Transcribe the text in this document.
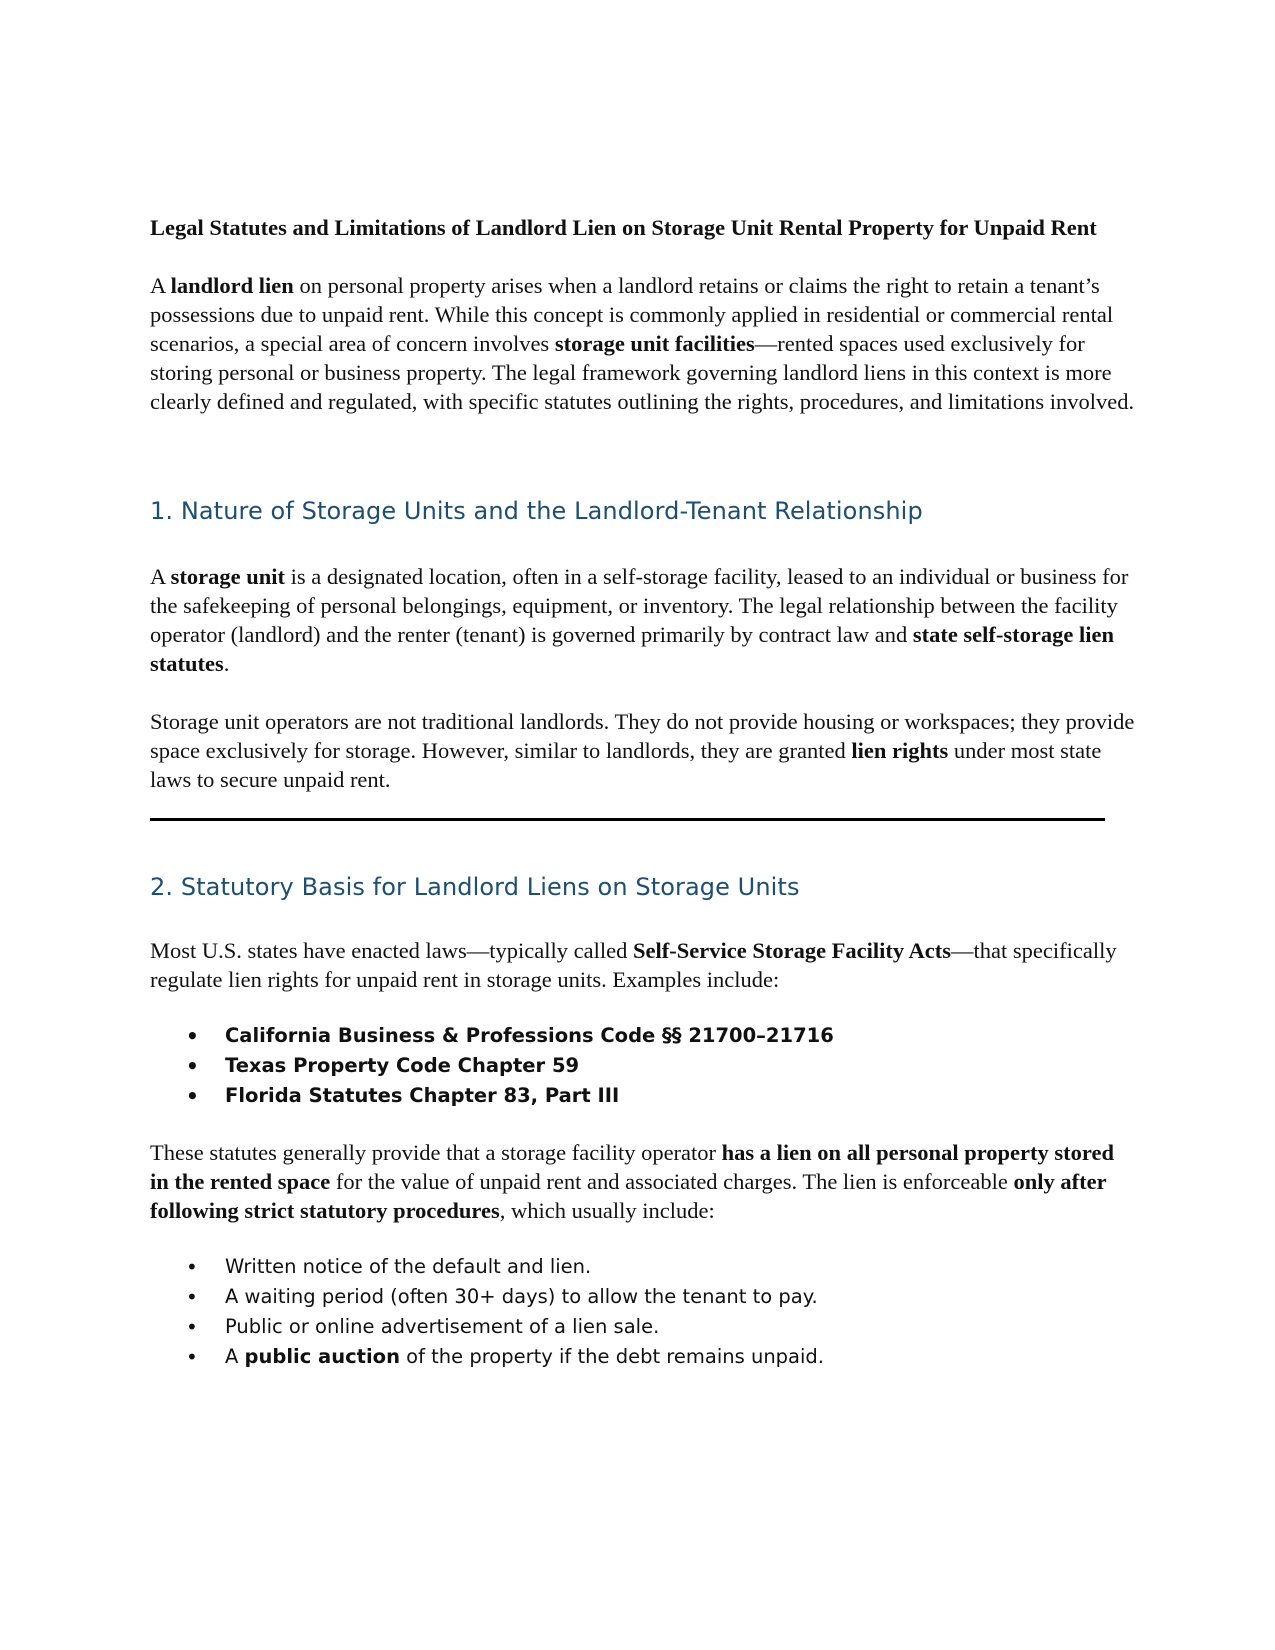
Legal Statutes and Limitations of Landlord Lien on Storage Unit Rental Property for Unpaid Rent

A landlord lien on personal property arises when a landlord retains or claims the right to retain a tenant’s possessions due to unpaid rent. While this concept is commonly applied in residential or commercial rental scenarios, a special area of concern involves storage unit facilities—rented spaces used exclusively for storing personal or business property. The legal framework governing landlord liens in this context is more clearly defined and regulated, with specific statutes outlining the rights, procedures, and limitations involved.

1. Nature of Storage Units and the Landlord-Tenant Relationship

A storage unit is a designated location, often in a self-storage facility, leased to an individual or business for the safekeeping of personal belongings, equipment, or inventory. The legal relationship between the facility operator (landlord) and the renter (tenant) is governed primarily by contract law and state self-storage lien statutes.

Storage unit operators are not traditional landlords. They do not provide housing or workspaces; they provide space exclusively for storage. However, similar to landlords, they are granted lien rights under most state laws to secure unpaid rent.

2. Statutory Basis for Landlord Liens on Storage Units

Most U.S. states have enacted laws—typically called Self-Service Storage Facility Acts—that specifically regulate lien rights for unpaid rent in storage units. Examples include:

• California Business & Professions Code §§ 21700–21716
• Texas Property Code Chapter 59
• Florida Statutes Chapter 83, Part III

These statutes generally provide that a storage facility operator has a lien on all personal property stored in the rented space for the value of unpaid rent and associated charges. The lien is enforceable only after following strict statutory procedures, which usually include:

• Written notice of the default and lien.
• A waiting period (often 30+ days) to allow the tenant to pay.
• Public or online advertisement of a lien sale.
• A public auction of the property if the debt remains unpaid.
